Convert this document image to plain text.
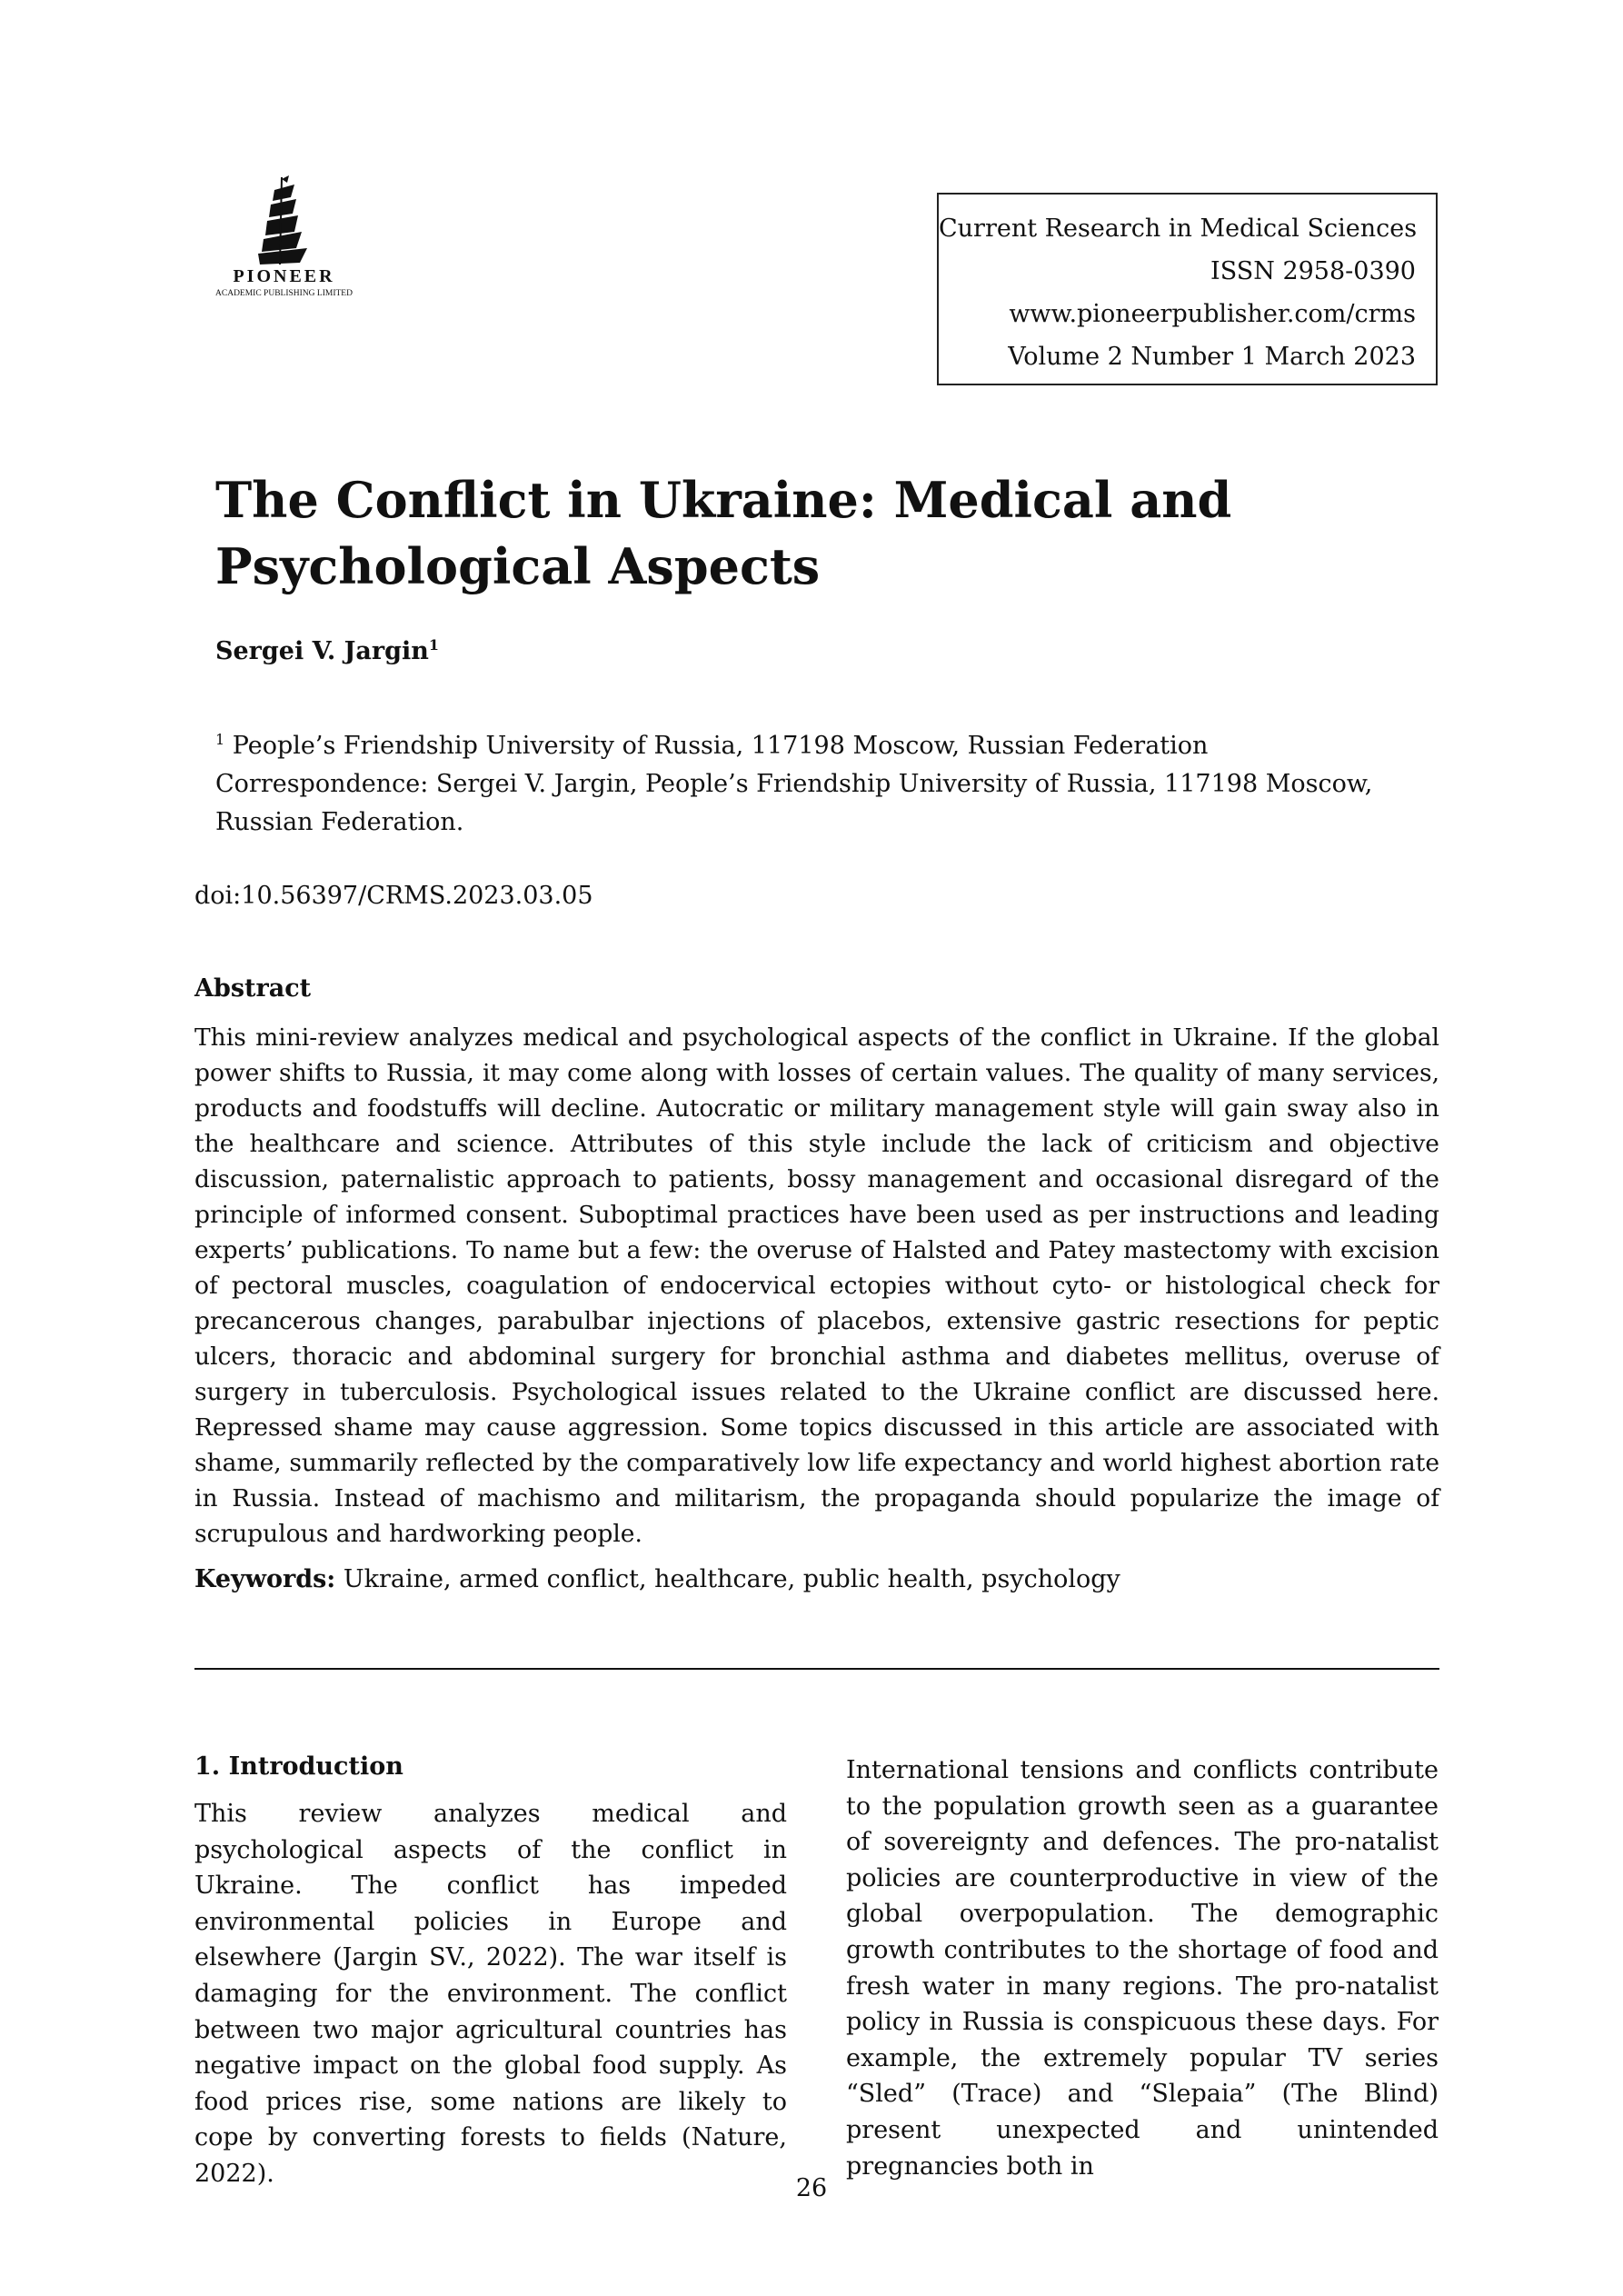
PIONEER
ACADEMIC PUBLISHING LIMITED
Current Research in Medical Sciences
ISSN 2958-0390
www.pioneerpublisher.com/crms
Volume 2 Number 1 March 2023
The Conflict in Ukraine: Medical and Psychological Aspects
Sergei V. Jargin$^1$
$^1$ People’s Friendship University of Russia, 117198 Moscow, Russian Federation
Correspondence: Sergei V. Jargin, People’s Friendship University of Russia, 117198 Moscow, Russian Federation.
doi:10.56397/CRMS.2023.03.05
Abstract

This mini-review analyzes medical and psychological aspects of the conflict in Ukraine. If the global power shifts to Russia, it may come along with losses of certain values. The quality of many services, products and foodstuffs will decline. Autocratic or military management style will gain sway also in the healthcare and science. Attributes of this style include the lack of criticism and objective discussion, paternalistic approach to patients, bossy management and occasional disregard of the principle of informed consent. Suboptimal practices have been used as per instructions and leading experts’ publications. To name but a few: the overuse of Halsted and Patey mastectomy with excision of pectoral muscles, coagulation of endocervical ectopies without cyto- or histological check for precancerous changes, parabulbar injections of placebos, extensive gastric resections for peptic ulcers, thoracic and abdominal surgery for bronchial asthma and diabetes mellitus, overuse of surgery in tuberculosis. Psychological issues related to the Ukraine conflict are discussed here. Repressed shame may cause aggression. Some topics discussed in this article are associated with shame, summarily reflected by the comparatively low life expectancy and world highest abortion rate in Russia. Instead of machismo and militarism, the propaganda should popularize the image of scrupulous and hardworking people.

Keywords: Ukraine, armed conflict, healthcare, public health, psychology
1. Introduction

This review analyzes medical and psychological aspects of the conflict in Ukraine. The conflict has impeded environmental policies in Europe and elsewhere (Jargin SV., 2022). The war itself is damaging for the environment. The conflict between two major agricultural countries has negative impact on the global food supply. As food prices rise, some nations are likely to cope by converting forests to fields (Nature, 2022).

International tensions and conflicts contribute to the population growth seen as a guarantee of sovereignty and defences. The pro-natalist policies are counterproductive in view of the global overpopulation. The demographic growth contributes to the shortage of food and fresh water in many regions. The pro-natalist policy in Russia is conspicuous these days. For example, the extremely popular TV series “Sled” (Trace) and “Slepaia” (The Blind) present unexpected and unintended pregnancies both in

26
